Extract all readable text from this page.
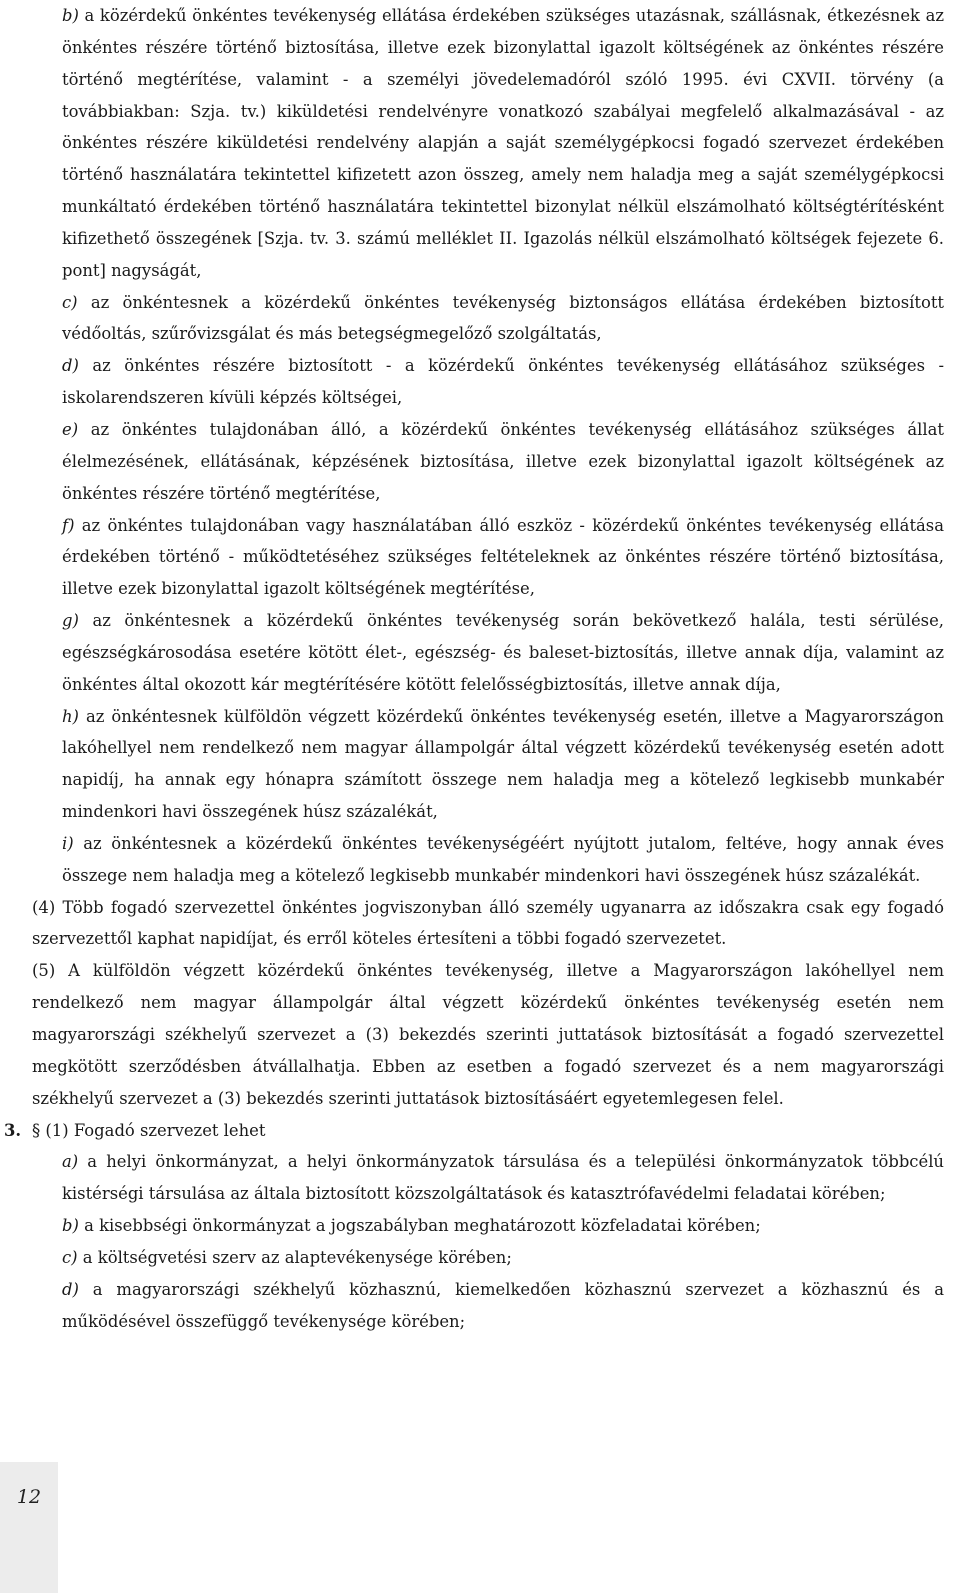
b) a közérdekű önkéntes tevékenység ellátása érdekében szükséges utazásnak, szállásnak, étkezésnek az önkéntes részére történő biztosítása, illetve ezek bizonylattal igazolt költségének az önkéntes részére történő megtérítése, valamint - a személyi jövedelemadóról szóló 1995. évi CXVII. törvény (a továbbiakban: Szja. tv.) kiküldetési rendelvényre vonatkozó szabályai megfelelő alkalmazásával - az önkéntes részére kiküldetési rendelvény alapján a saját személygépkocsi fogadó szervezet érdekében történő használatára tekintettel kifizetett azon összeg, amely nem haladja meg a saját személygépkocsi munkáltató érdekében történő használatára tekintettel bizonylat nélkül elszámolható költségtérítésként kifizethető összegének [Szja. tv. 3. számú melléklet II. Igazolás nélkül elszámolható költségek fejezete 6. pont] nagyságát,

c) az önkéntesnek a közérdekű önkéntes tevékenység biztonságos ellátása érdekében biztosított védőoltás, szűrővizsgálat és más betegségmegelőző szolgáltatás,

d) az önkéntes részére biztosított - a közérdekű önkéntes tevékenység ellátásához szükséges - iskolarendszeren kívüli képzés költségei,

e) az önkéntes tulajdonában álló, a közérdekű önkéntes tevékenység ellátásához szükséges állat élelmezésének, ellátásának, képzésének biztosítása, illetve ezek bizonylattal igazolt költségének az önkéntes részére történő megtérítése,

f) az önkéntes tulajdonában vagy használatában álló eszköz - közérdekű önkéntes tevékenység ellátása érdekében történő - működtetéséhez szükséges feltételeknek az önkéntes részére történő biztosítása, illetve ezek bizonylattal igazolt költségének megtérítése,

g) az önkéntesnek a közérdekű önkéntes tevékenység során bekövetkező halála, testi sérülése, egészségkárosodása esetére kötött élet-, egészség- és baleset-biztosítás, illetve annak díja, valamint az önkéntes által okozott kár megtérítésére kötött felelősségbiztosítás, illetve annak díja,

h) az önkéntesnek külföldön végzett közérdekű önkéntes tevékenység esetén, illetve a Magyarországon lakóhellyel nem rendelkező nem magyar állampolgár által végzett közérdekű tevékenység esetén adott napidíj, ha annak egy hónapra számított összege nem haladja meg a kötelező legkisebb munkabér mindenkori havi összegének húsz százalékát,

i) az önkéntesnek a közérdekű önkéntes tevékenységéért nyújtott jutalom, feltéve, hogy annak éves összege nem haladja meg a kötelező legkisebb munkabér mindenkori havi összegének húsz százalékát.

(4) Több fogadó szervezettel önkéntes jogviszonyban álló személy ugyanarra az időszakra csak egy fogadó szervezettől kaphat napidíjat, és erről köteles értesíteni a többi fogadó szervezetet.

(5) A külföldön végzett közérdekű önkéntes tevékenység, illetve a Magyarországon lakóhellyel nem rendelkező nem magyar állampolgár által végzett közérdekű önkéntes tevékenység esetén nem magyarországi székhelyű szervezet a (3) bekezdés szerinti juttatások biztosítását a fogadó szervezettel megkötött szerződésben átvállalhatja. Ebben az esetben a fogadó szervezet és a nem magyarországi székhelyű szervezet a (3) bekezdés szerinti juttatások biztosításáért egyetemlegesen felel.

3. § (1) Fogadó szervezet lehet

a) a helyi önkormányzat, a helyi önkormányzatok társulása és a települési önkormányzatok többcélú kistérségi társulása az általa biztosított közszolgáltatások és katasztrófavédelmi feladatai körében;

b) a kisebbségi önkormányzat a jogszabályban meghatározott közfeladatai körében;

c) a költségvetési szerv az alaptevékenysége körében;

d) a magyarországi székhelyű közhasznú, kiemelkedően közhasznú szervezet a közhasznú és a működésével összefüggő tevékenysége körében;

12
